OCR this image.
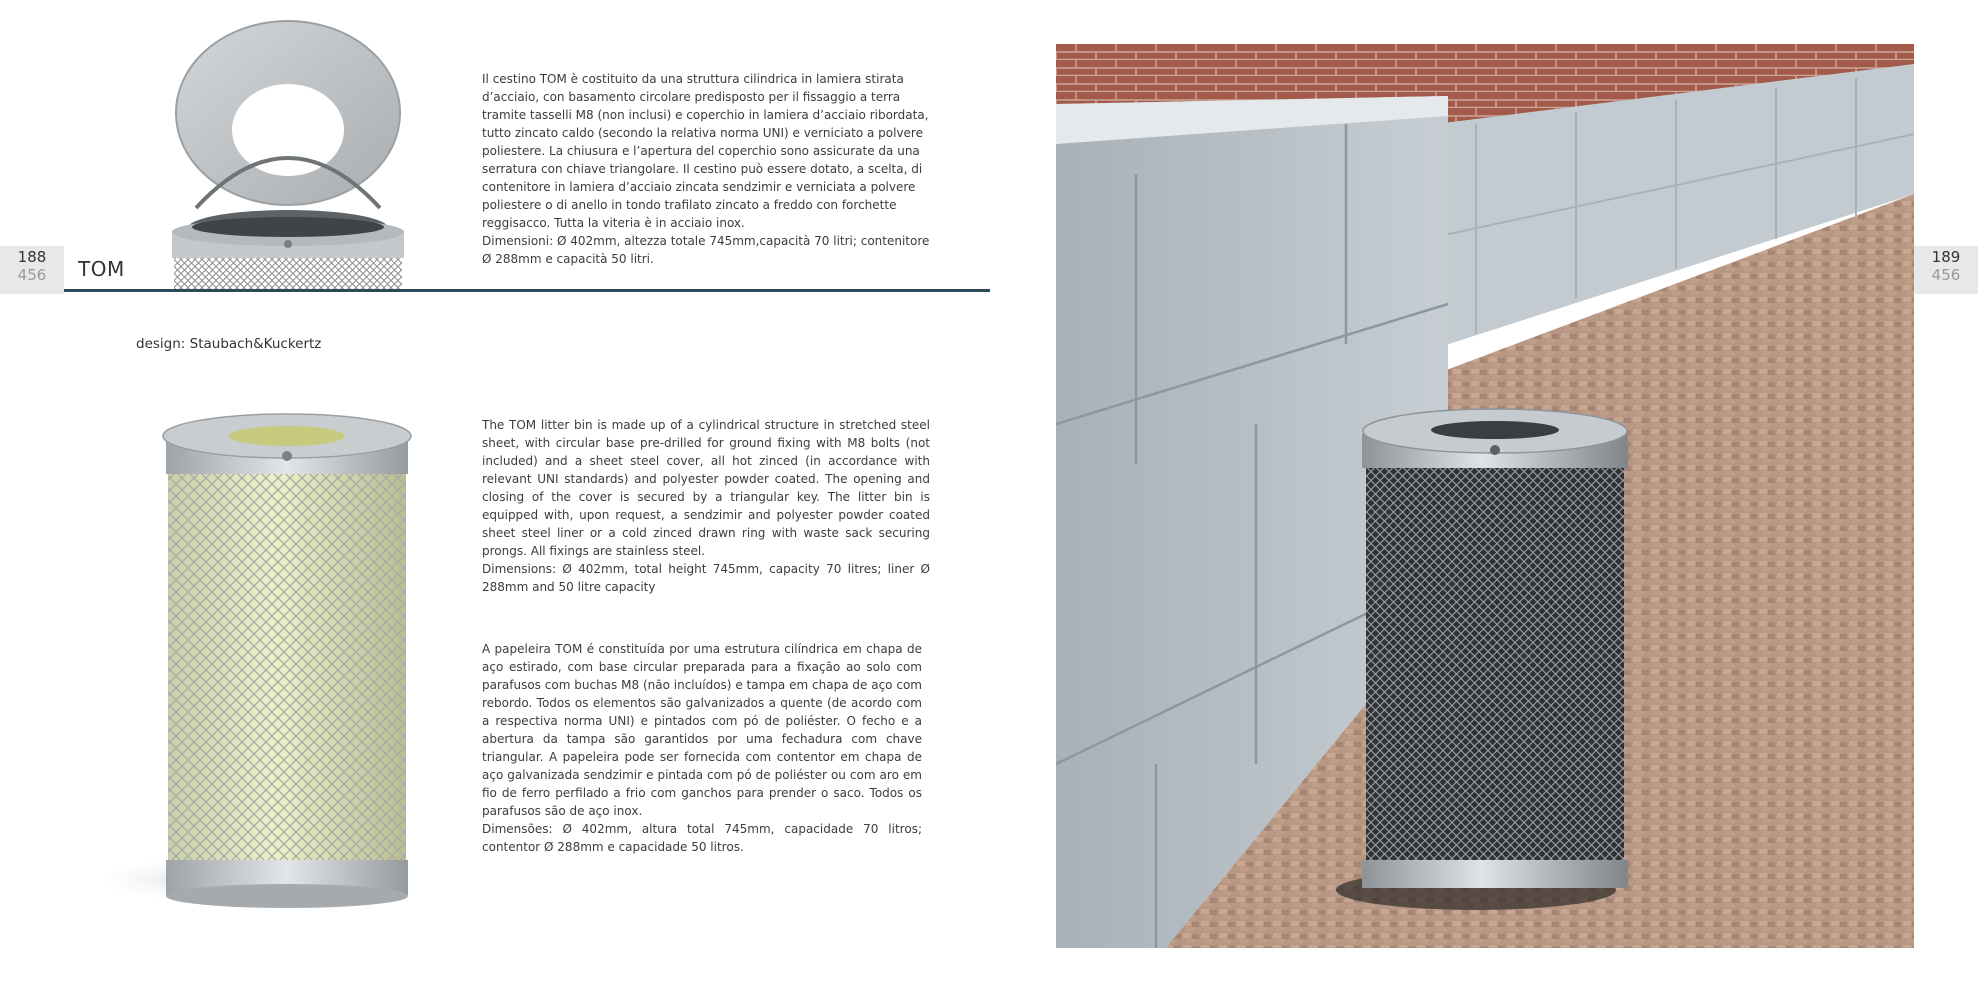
Il cestino TOM è costituito da una struttura cilindrica in lamiera stirata d’acciaio, con basamento circolare predisposto per il fissaggio a terra tramite tasselli M8 (non inclusi) e coperchio in lamiera d’acciaio ribordata, tutto zincato caldo (secondo la relativa norma UNI) e verniciato a polvere poliestere. La chiusura e l’apertura del coperchio sono assicurate da una serratura con chiave triangolare. Il cestino può essere dotato, a scelta, di contenitore in lamiera d’acciaio zincata sendzimir e verniciata a polvere poliestere o di anello in tondo trafilato zincato a freddo con forchette reggisacco. Tutta la viteria è in acciaio inox.

Dimensioni: Ø 402mm, altezza totale 745mm,capacità 70 litri; contenitore Ø 288mm e capacità 50 litri.

188
456	TOM
design: Staubach&Kuckertz

The TOM litter bin is made up of a cylindrical structure in stretched steel sheet, with circular base pre-drilled for ground fixing with M8 bolts (not included) and a sheet steel cover, all hot zinced (in accordance with relevant UNI standards) and polyester powder coated. The opening and closing of the cover is secured by a triangular key. The litter bin is equipped with, upon request, a sendzimir and polyester powder coated sheet steel liner or a cold zinced drawn ring with waste sack securing prongs. All fixings are stainless steel.

Dimensions: Ø 402mm, total height 745mm, capacity 70 litres; liner Ø 288mm and 50 litre capacity

A papeleira TOM é constituída por uma estrutura cilíndrica em chapa de aço estirado, com base circular preparada para a fixação ao solo com parafusos com buchas M8 (não incluídos) e tampa em chapa de aço com rebordo. Todos os elementos são galvanizados a quente (de acordo com a respectiva norma UNI) e pintados com pó de poliéster. O fecho e a abertura da tampa são garantidos por uma fechadura com chave triangular. A papeleira pode ser fornecida com contentor em chapa de aço galvanizada sendzimir e pintada com pó de poliéster ou com aro em fio de ferro perfilado a frio com ganchos para prender o saco. Todos os parafusos são de aço inox.

Dimensões: Ø 402mm, altura total 745mm, capacidade 70 litros; contentor Ø 288mm e capacidade 50 litros.

189
456
